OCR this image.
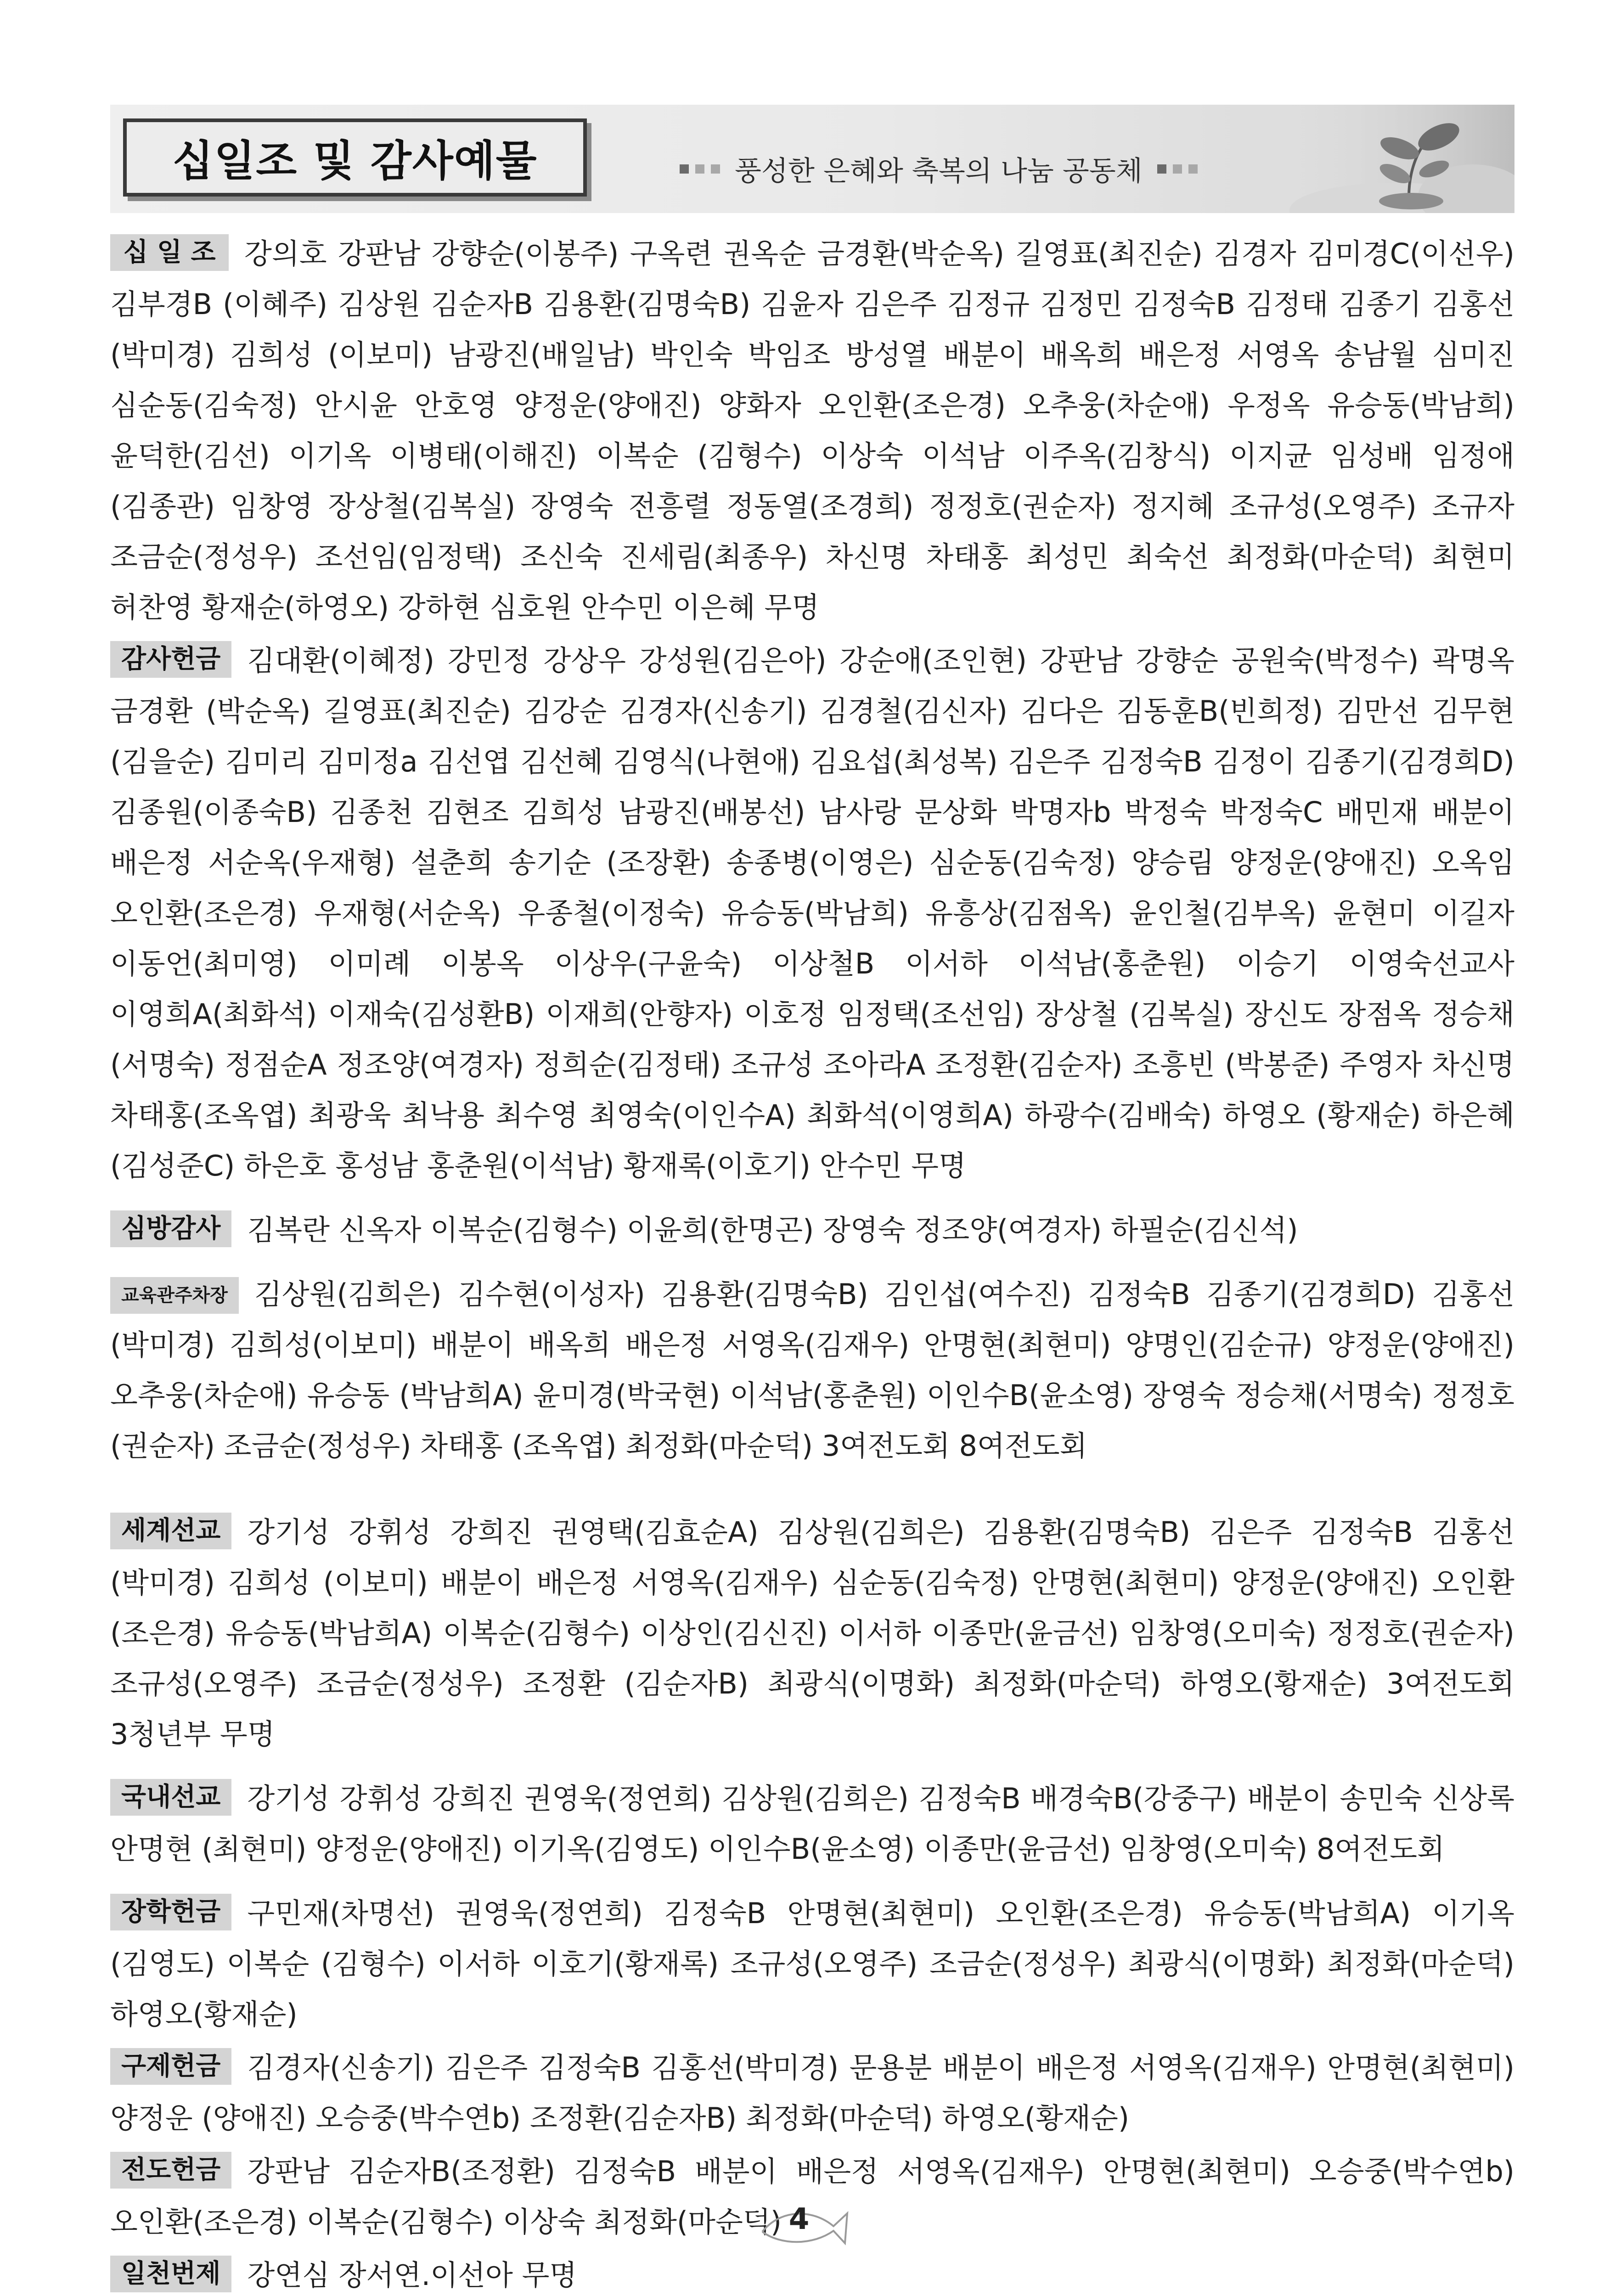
십일조 및 감사예물	풍성한 은혜와 축복의 나눔 공동체

십 일 조 강의호 강판남 강향순(이봉주) 구옥련 권옥순 금경환(박순옥) 길영표(최진순) 김경자 김미경C(이선우) 김부경B (이혜주) 김상원 김순자B 김용환(김명숙B) 김윤자 김은주 김정규 김정민 김정숙B 김정태 김종기 김홍선(박미경) 김희성 (이보미) 남광진(배일남) 박인숙 박임조 방성열 배분이 배옥희 배은정 서영옥 송남월 심미진 심순동(김숙정) 안시윤 안호영 양정운(양애진) 양화자 오인환(조은경) 오추웅(차순애) 우정옥 유승동(박남희) 윤덕한(김선) 이기옥 이병태(이해진) 이복순 (김형수) 이상숙 이석남 이주옥(김창식) 이지균 임성배 임정애(김종관) 임창영 장상철(김복실) 장영숙 전흥렬 정동열(조경희) 정정호(권순자) 정지혜 조규성(오영주) 조규자 조금순(정성우) 조선임(임정택) 조신숙 진세림(최종우) 차신명 차태홍 최성민 최숙선 최정화(마순덕) 최현미 허찬영 황재순(하영오) 강하현 심호원 안수민 이은혜 무명

감사헌금 김대환(이혜정) 강민정 강상우 강성원(김은아) 강순애(조인현) 강판남 강향순 공원숙(박정수) 곽명옥 금경환 (박순옥) 길영표(최진순) 김강순 김경자(신송기) 김경철(김신자) 김다은 김동훈B(빈희정) 김만선 김무현(김을순) 김미리 김미정a 김선엽 김선혜 김영식(나현애) 김요섭(최성복) 김은주 김정숙B 김정이 김종기(김경희D) 김종원(이종숙B) 김종천 김현조 김희성 남광진(배봉선) 남사랑 문상화 박명자b 박정숙 박정숙C 배민재 배분이 배은정 서순옥(우재형) 설춘희 송기순 (조장환) 송종병(이영은) 심순동(김숙정) 양승림 양정운(양애진) 오옥임 오인환(조은경) 우재형(서순옥) 우종철(이정숙) 유승동(박남희) 유흥상(김점옥) 윤인철(김부옥) 윤현미 이길자 이동언(최미영) 이미례 이봉옥 이상우(구윤숙) 이상철B 이서하 이석남(홍춘원) 이승기 이영숙선교사 이영희A(최화석) 이재숙(김성환B) 이재희(안향자) 이호정 임정택(조선임) 장상철 (김복실) 장신도 장점옥 정승채(서명숙) 정점순A 정조양(여경자) 정희순(김정태) 조규성 조아라A 조정환(김순자) 조흥빈 (박봉준) 주영자 차신명 차태홍(조옥엽) 최광욱 최낙용 최수영 최영숙(이인수A) 최화석(이영희A) 하광수(김배숙) 하영오 (황재순) 하은혜(김성준C) 하은호 홍성남 홍춘원(이석남) 황재록(이호기) 안수민 무명

심방감사 김복란 신옥자 이복순(김형수) 이윤희(한명곤) 장영숙 정조양(여경자) 하필순(김신석)

교육관주차장 김상원(김희은) 김수현(이성자) 김용환(김명숙B) 김인섭(여수진) 김정숙B 김종기(김경희D) 김홍선(박미경) 김희성(이보미) 배분이 배옥희 배은정 서영옥(김재우) 안명현(최현미) 양명인(김순규) 양정운(양애진) 오추웅(차순애) 유승동 (박남희A) 윤미경(박국현) 이석남(홍춘원) 이인수B(윤소영) 장영숙 정승채(서명숙) 정정호(권순자) 조금순(정성우) 차태홍 (조옥엽) 최정화(마순덕) 3여전도회 8여전도회

세계선교 강기성 강휘성 강희진 권영택(김효순A) 김상원(김희은) 김용환(김명숙B) 김은주 김정숙B 김홍선(박미경) 김희성 (이보미) 배분이 배은정 서영옥(김재우) 심순동(김숙정) 안명현(최현미) 양정운(양애진) 오인환(조은경) 유승동(박남희A) 이복순(김형수) 이상인(김신진) 이서하 이종만(윤금선) 임창영(오미숙) 정정호(권순자) 조규성(오영주) 조금순(정성우) 조정환 (김순자B) 최광식(이명화) 최정화(마순덕) 하영오(황재순) 3여전도회 3청년부 무명

국내선교 강기성 강휘성 강희진 권영욱(정연희) 김상원(김희은) 김정숙B 배경숙B(강중구) 배분이 송민숙 신상록 안명현 (최현미) 양정운(양애진) 이기옥(김영도) 이인수B(윤소영) 이종만(윤금선) 임창영(오미숙) 8여전도회

장학헌금 구민재(차명선) 권영욱(정연희) 김정숙B 안명현(최현미) 오인환(조은경) 유승동(박남희A) 이기옥(김영도) 이복순 (김형수) 이서하 이호기(황재록) 조규성(오영주) 조금순(정성우) 최광식(이명화) 최정화(마순덕) 하영오(황재순)

구제헌금 김경자(신송기) 김은주 김정숙B 김홍선(박미경) 문용분 배분이 배은정 서영옥(김재우) 안명현(최현미) 양정운 (양애진) 오승중(박수연b) 조정환(김순자B) 최정화(마순덕) 하영오(황재순)

전도헌금 강판남 김순자B(조정환) 김정숙B 배분이 배은정 서영옥(김재우) 안명현(최현미) 오승중(박수연b) 오인환(조은경) 이복순(김형수) 이상숙 최정화(마순덕)

일천번제 강연심 장서연.이선아 무명

4
